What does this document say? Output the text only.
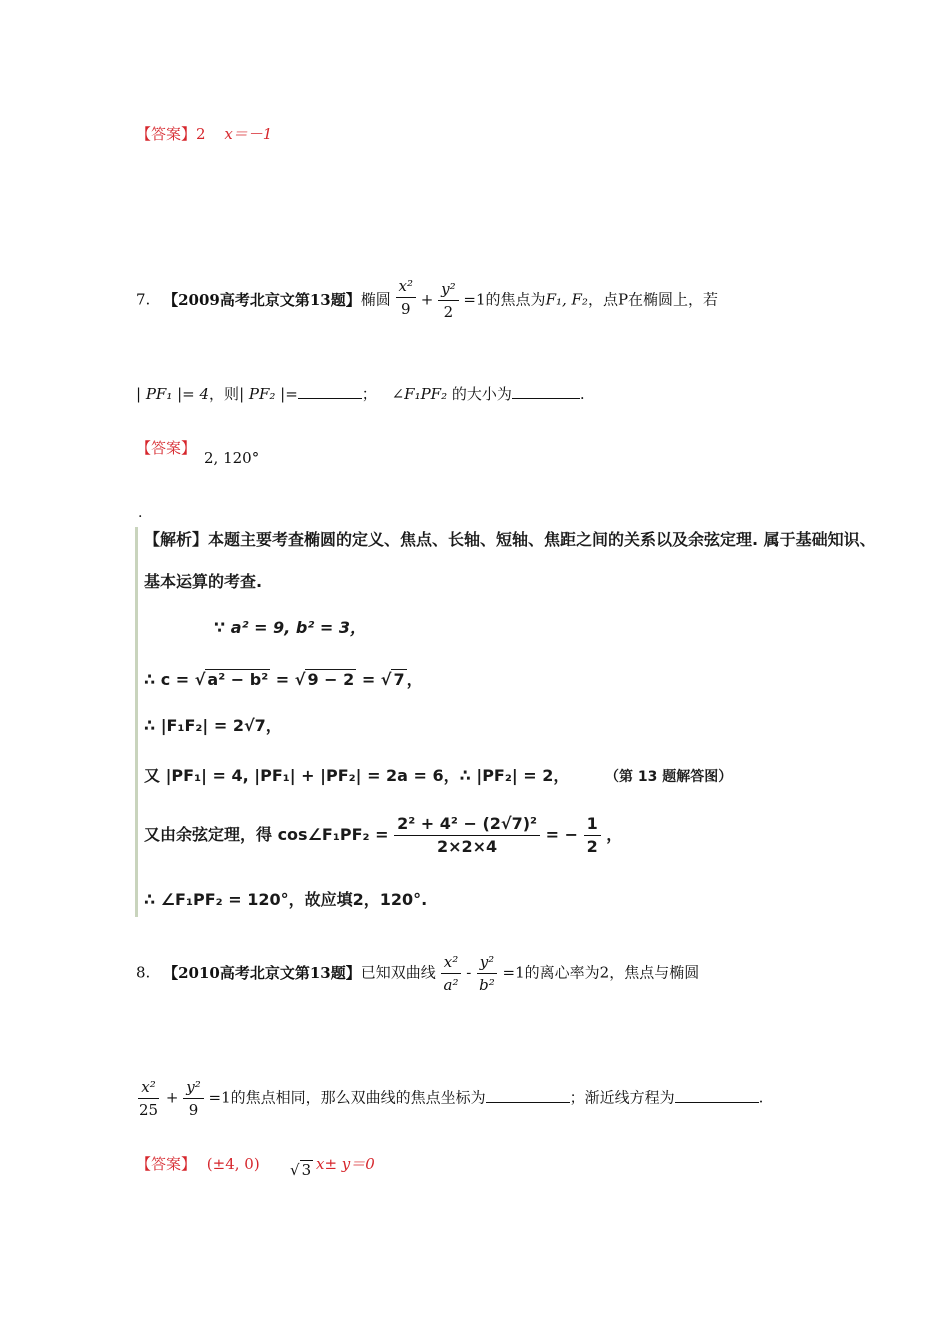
【答案】2 x＝－1
7. 【2009高考北京文第13题】椭圆 $\frac{\text{x²}}{9} + \frac{\text{y²}}{2} =1$的焦点为F₁, F₂，点P在椭圆上，若
| PF₁ |= 4，则| PF₂ |=	； ∠F₁PF₂ 的大小为	.
【答案】
2, 120°
.
【解析】本题主要考查椭圆的定义、焦点、长轴、短轴、焦距之间的关系以及余弦定理. 属于基础知识、
基本运算的考查.
∵ a² = 9, b² = 3，
∴ c = √ a² − b² = √ 9 − 2 = √ 7 ，
∴ |F₁F₂| = 2√7，
又 |PF₁| = 4, |PF₁| + |PF₂| = 2a = 6，∴ |PF₂| = 2，	（第 13 题解答图）
又由余弦定理，得 cos∠F₁PF₂ = $\frac{\text{2² + 4² − (2√7)²}}{2\times 2\times 4}$ = − $\frac{1}{2}$ ，
∴ ∠F₁PF₂ = 120°，故应填2，120°.
8. 【2010高考北京文第13题】已知双曲线 $\frac{\text{x²}}{\text{a²}} - \frac{\text{y²}}{\text{b²}} =1$的离心率为2，焦点与椭圆
$\frac{\text{x²}}{25} + \frac{\text{y²}}{9} =1$的焦点相同，那么双曲线的焦点坐标为	；渐近线方程为	.
【答案】 (±4, 0) √ 3 x± y＝0
